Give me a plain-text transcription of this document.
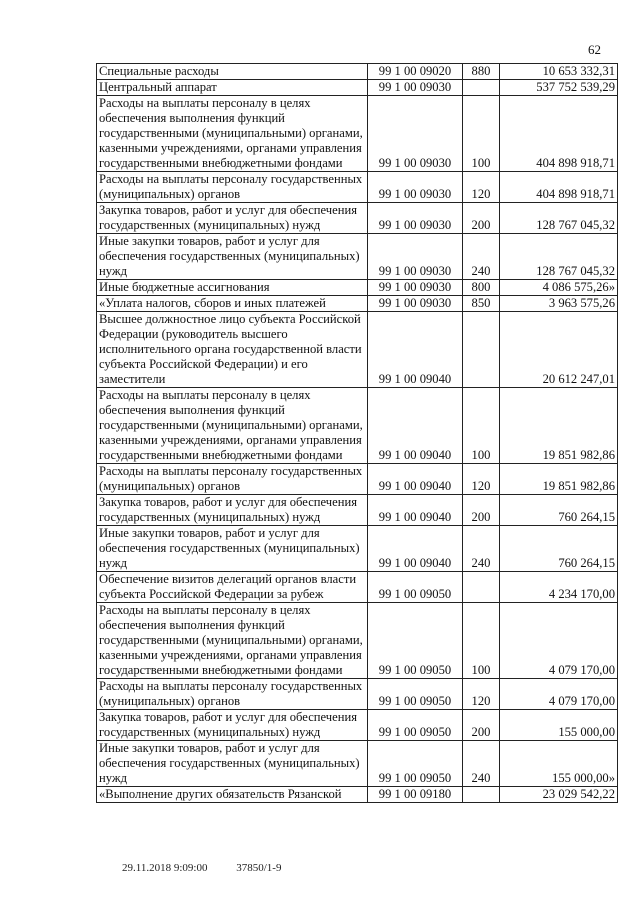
62
Специальные расходы	99 1 00 09020	880	10 653 332,31
Центральный аппарат	99 1 00 09030		537 752 539,29
Расходы на выплаты персоналу в целях обеспечения выполнения функций государственными (муниципальными) органами, казенными учреждениями, органами управления государственными внебюджетными фондами	99 1 00 09030	100	404 898 918,71
Расходы на выплаты персоналу государственных (муниципальных) органов	99 1 00 09030	120	404 898 918,71
Закупка товаров, работ и услуг для обеспечения государственных (муниципальных) нужд	99 1 00 09030	200	128 767 045,32
Иные закупки товаров, работ и услуг для обеспечения государственных (муниципальных) нужд	99 1 00 09030	240	128 767 045,32
Иные бюджетные ассигнования	99 1 00 09030	800	4 086 575,26»
«Уплата налогов, сборов и иных платежей	99 1 00 09030	850	3 963 575,26
Высшее должностное лицо субъекта Российской Федерации (руководитель высшего исполнительного органа государственной власти субъекта Российской Федерации) и его заместители	99 1 00 09040		20 612 247,01
Расходы на выплаты персоналу в целях обеспечения выполнения функций государственными (муниципальными) органами, казенными учреждениями, органами управления государственными внебюджетными фондами	99 1 00 09040	100	19 851 982,86
Расходы на выплаты персоналу государственных (муниципальных) органов	99 1 00 09040	120	19 851 982,86
Закупка товаров, работ и услуг для обеспечения государственных (муниципальных) нужд	99 1 00 09040	200	760 264,15
Иные закупки товаров, работ и услуг для обеспечения государственных (муниципальных) нужд	99 1 00 09040	240	760 264,15
Обеспечение визитов делегаций органов власти субъекта Российской Федерации за рубеж	99 1 00 09050		4 234 170,00
Расходы на выплаты персоналу в целях обеспечения выполнения функций государственными (муниципальными) органами, казенными учреждениями, органами управления государственными внебюджетными фондами	99 1 00 09050	100	4 079 170,00
Расходы на выплаты персоналу государственных (муниципальных) органов	99 1 00 09050	120	4 079 170,00
Закупка товаров, работ и услуг для обеспечения государственных (муниципальных) нужд	99 1 00 09050	200	155 000,00
Иные закупки товаров, работ и услуг для обеспечения государственных (муниципальных) нужд	99 1 00 09050	240	155 000,00»
«Выполнение других обязательств Рязанской	99 1 00 09180		23 029 542,22
29.11.2018 9:09:00	37850/1-9
